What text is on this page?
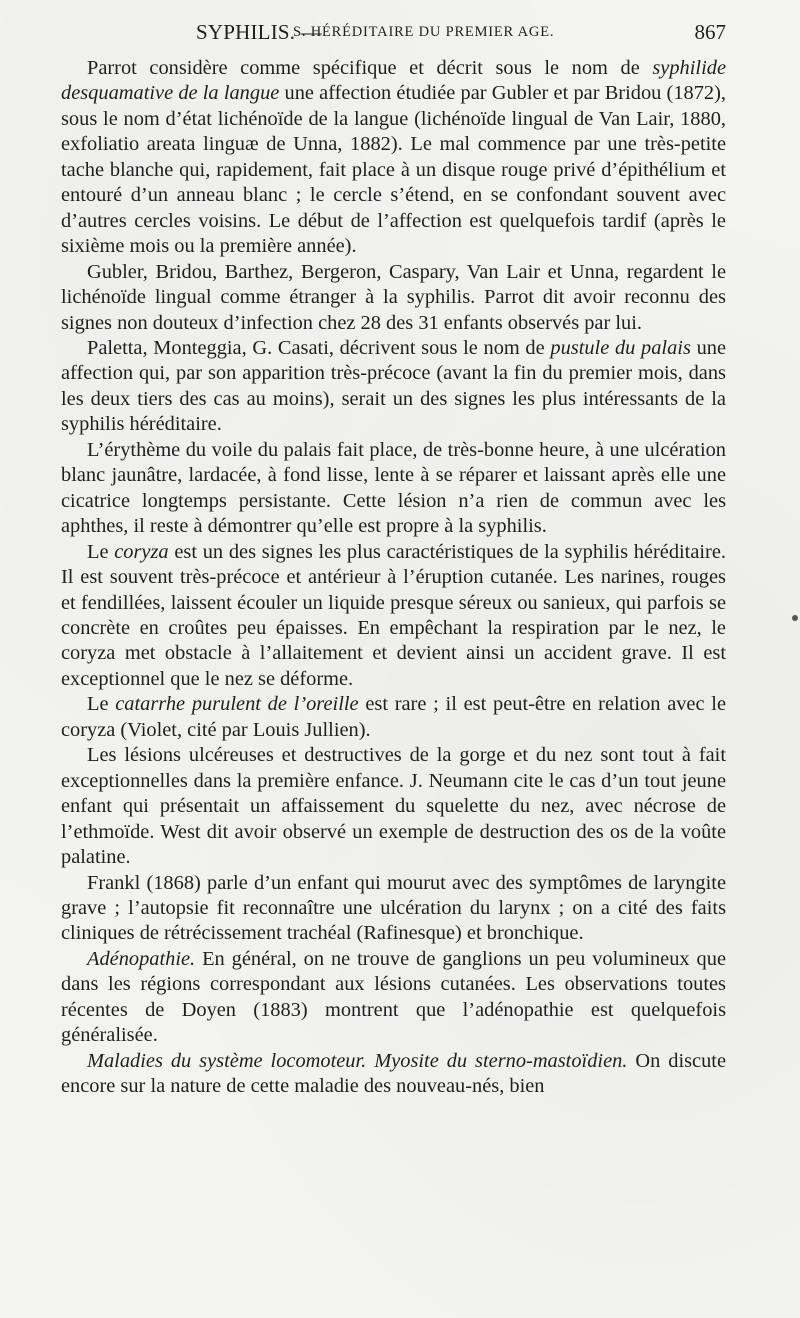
SYPHILIS. —
S. HÉRÉDITAIRE DU PREMIER AGE.	867

Parrot considère comme spécifique et décrit sous le nom de syphilide desquamative de la langue une affection étudiée par Gubler et par Bridou (1872), sous le nom d’état lichénoïde de la langue (lichénoïde lingual de Van Lair, 1880, exfoliatio areata linguæ de Unna, 1882). Le mal commence par une très-petite tache blanche qui, rapidement, fait place à un disque rouge privé d’épithélium et entouré d’un anneau blanc ; le cercle s’étend, en se confondant souvent avec d’autres cercles voisins. Le début de l’affection est quelquefois tardif (après le sixième mois ou la première année).

Gubler, Bridou, Barthez, Bergeron, Caspary, Van Lair et Unna, regardent le lichénoïde lingual comme étranger à la syphilis. Parrot dit avoir reconnu des signes non douteux d’infection chez 28 des 31 enfants observés par lui.

Paletta, Monteggia, G. Casati, décrivent sous le nom de pustule du palais une affection qui, par son apparition très-précoce (avant la fin du premier mois, dans les deux tiers des cas au moins), serait un des signes les plus intéressants de la syphilis héréditaire.

L’érythème du voile du palais fait place, de très-bonne heure, à une ulcération blanc jaunâtre, lardacée, à fond lisse, lente à se réparer et laissant après elle une cicatrice longtemps persistante. Cette lésion n’a rien de commun avec les aphthes, il reste à démontrer qu’elle est propre à la syphilis.

Le coryza est un des signes les plus caractéristiques de la syphilis héréditaire. Il est souvent très-précoce et antérieur à l’éruption cutanée. Les narines, rouges et fendillées, laissent écouler un liquide presque séreux ou sanieux, qui parfois se concrète en croûtes peu épaisses. En empêchant la respiration par le nez, le coryza met obstacle à l’allaitement et devient ainsi un accident grave. Il est exceptionnel que le nez se déforme.

Le catarrhe purulent de l’oreille est rare ; il est peut-être en relation avec le coryza (Violet, cité par Louis Jullien).

Les lésions ulcéreuses et destructives de la gorge et du nez sont tout à fait exceptionnelles dans la première enfance. J. Neumann cite le cas d’un tout jeune enfant qui présentait un affaissement du squelette du nez, avec nécrose de l’ethmoïde. West dit avoir observé un exemple de destruction des os de la voûte palatine.

Frankl (1868) parle d’un enfant qui mourut avec des symptômes de laryngite grave ; l’autopsie fit reconnaître une ulcération du larynx ; on a cité des faits cliniques de rétrécissement trachéal (Rafinesque) et bronchique.

Adénopathie. En général, on ne trouve de ganglions un peu volumineux que dans les régions correspondant aux lésions cutanées. Les observations toutes récentes de Doyen (1883) montrent que l’adénopathie est quelquefois généralisée.

Maladies du système locomoteur. Myosite du sterno-mastoïdien. On discute encore sur la nature de cette maladie des nouveau-nés, bien
